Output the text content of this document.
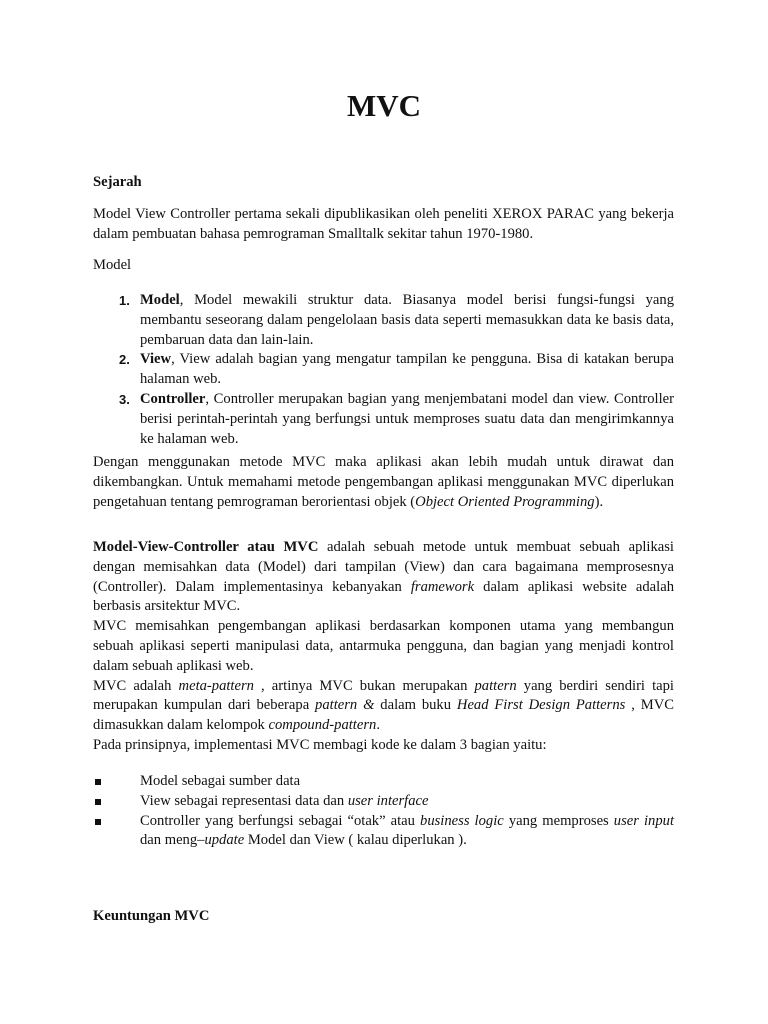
MVC

Sejarah

Model View Controller pertama sekali dipublikasikan oleh peneliti XEROX PARAC yang bekerja dalam pembuatan bahasa pemrograman Smalltalk sekitar tahun 1970-1980.

Model

1. Model, Model mewakili struktur data. Biasanya model berisi fungsi-fungsi yang membantu seseorang dalam pengelolaan basis data seperti memasukkan data ke basis data, pembaruan data dan lain-lain.
2. View, View adalah bagian yang mengatur tampilan ke pengguna. Bisa di katakan berupa halaman web.
3. Controller, Controller merupakan bagian yang menjembatani model dan view. Controller berisi perintah-perintah yang berfungsi untuk memproses suatu data dan mengirimkannya ke halaman web.

Dengan menggunakan metode MVC maka aplikasi akan lebih mudah untuk dirawat dan dikembangkan. Untuk memahami metode pengembangan aplikasi menggunakan MVC diperlukan pengetahuan tentang pemrograman berorientasi objek (Object Oriented Programming).

Model-View-Controller atau MVC adalah sebuah metode untuk membuat sebuah aplikasi dengan memisahkan data (Model) dari tampilan (View) dan cara bagaimana memprosesnya (Controller). Dalam implementasinya kebanyakan framework dalam aplikasi website adalah berbasis arsitektur MVC.

MVC memisahkan pengembangan aplikasi berdasarkan komponen utama yang membangun sebuah aplikasi seperti manipulasi data, antarmuka pengguna, dan bagian yang menjadi kontrol dalam sebuah aplikasi web.

MVC adalah meta-pattern , artinya MVC bukan merupakan pattern yang berdiri sendiri tapi merupakan kumpulan dari beberapa pattern & dalam buku Head First Design Patterns , MVC dimasukkan dalam kelompok compound-pattern.

Pada prinsipnya, implementasi MVC membagi kode ke dalam 3 bagian yaitu:

Model sebagai sumber data
View sebagai representasi data dan user interface
Controller yang berfungsi sebagai “otak” atau business logic yang memproses user input dan meng–update Model dan View ( kalau diperlukan ).

Keuntungan MVC
